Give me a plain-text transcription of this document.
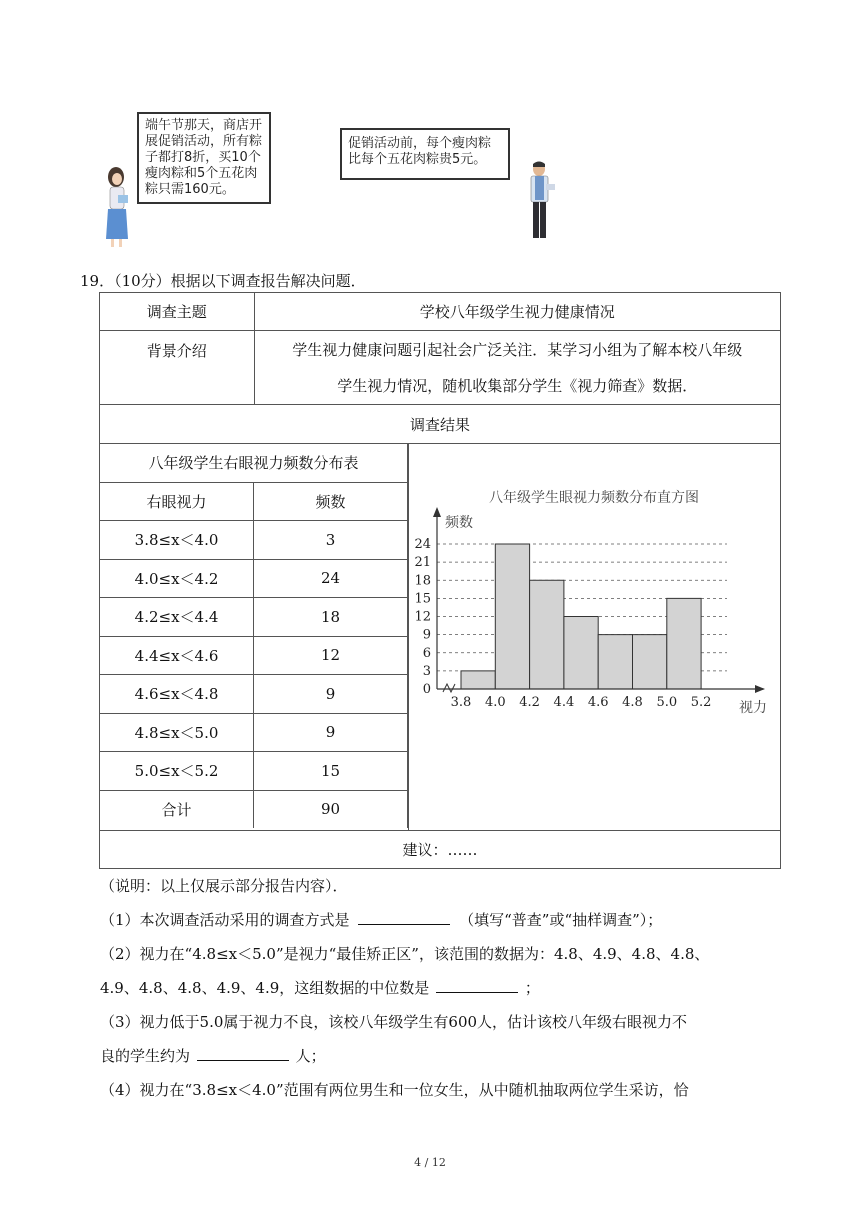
端午节那天，商店开
展促销活动，所有粽
子都打8折，买10个
瘦肉粽和5个五花肉
粽只需160元。
促销活动前，每个瘦肉粽
比每个五花肉粽贵5元。
19．（10分）根据以下调查报告解决问题．
调查主题	学校八年级学生视力健康情况
背景介绍	学生视力健康问题引起社会广泛关注．某学习小组为了解本校八年级
学生视力情况，随机收集部分学生《视力筛查》数据．

调查结果

八年级学生右眼视力频数分布表
右眼视力	频数
3.8≤x＜4.0	3
4.0≤x＜4.2	24
4.2≤x＜4.4	18
4.4≤x＜4.6	12
4.6≤x＜4.8	9
4.8≤x＜5.0	9
5.0≤x＜5.2	15
合计	90

八年级学生眼视力频数分布直方图
频数
视力
0
3
6
9
12
15
18
21
24
3.8 4.0 4.2 4.4 4.6 4.8 5.0 5.2

建议：……
（说明：以上仅展示部分报告内容）．
（1）本次调查活动采用的调查方式是	（填写“普查”或“抽样调查”）；
（2）视力在“4.8≤x＜5.0”是视力“最佳矫正区”，该范围的数据为：4.8、4.9、4.8、4.8、
4.9、4.8、4.8、4.9、4.9，这组数据的中位数是	；
（3）视力低于5.0属于视力不良，该校八年级学生有600人，估计该校八年级右眼视力不
良的学生约为	人；
（4）视力在“3.8≤x＜4.0”范围有两位男生和一位女生，从中随机抽取两位学生采访，恰
4 / 12
